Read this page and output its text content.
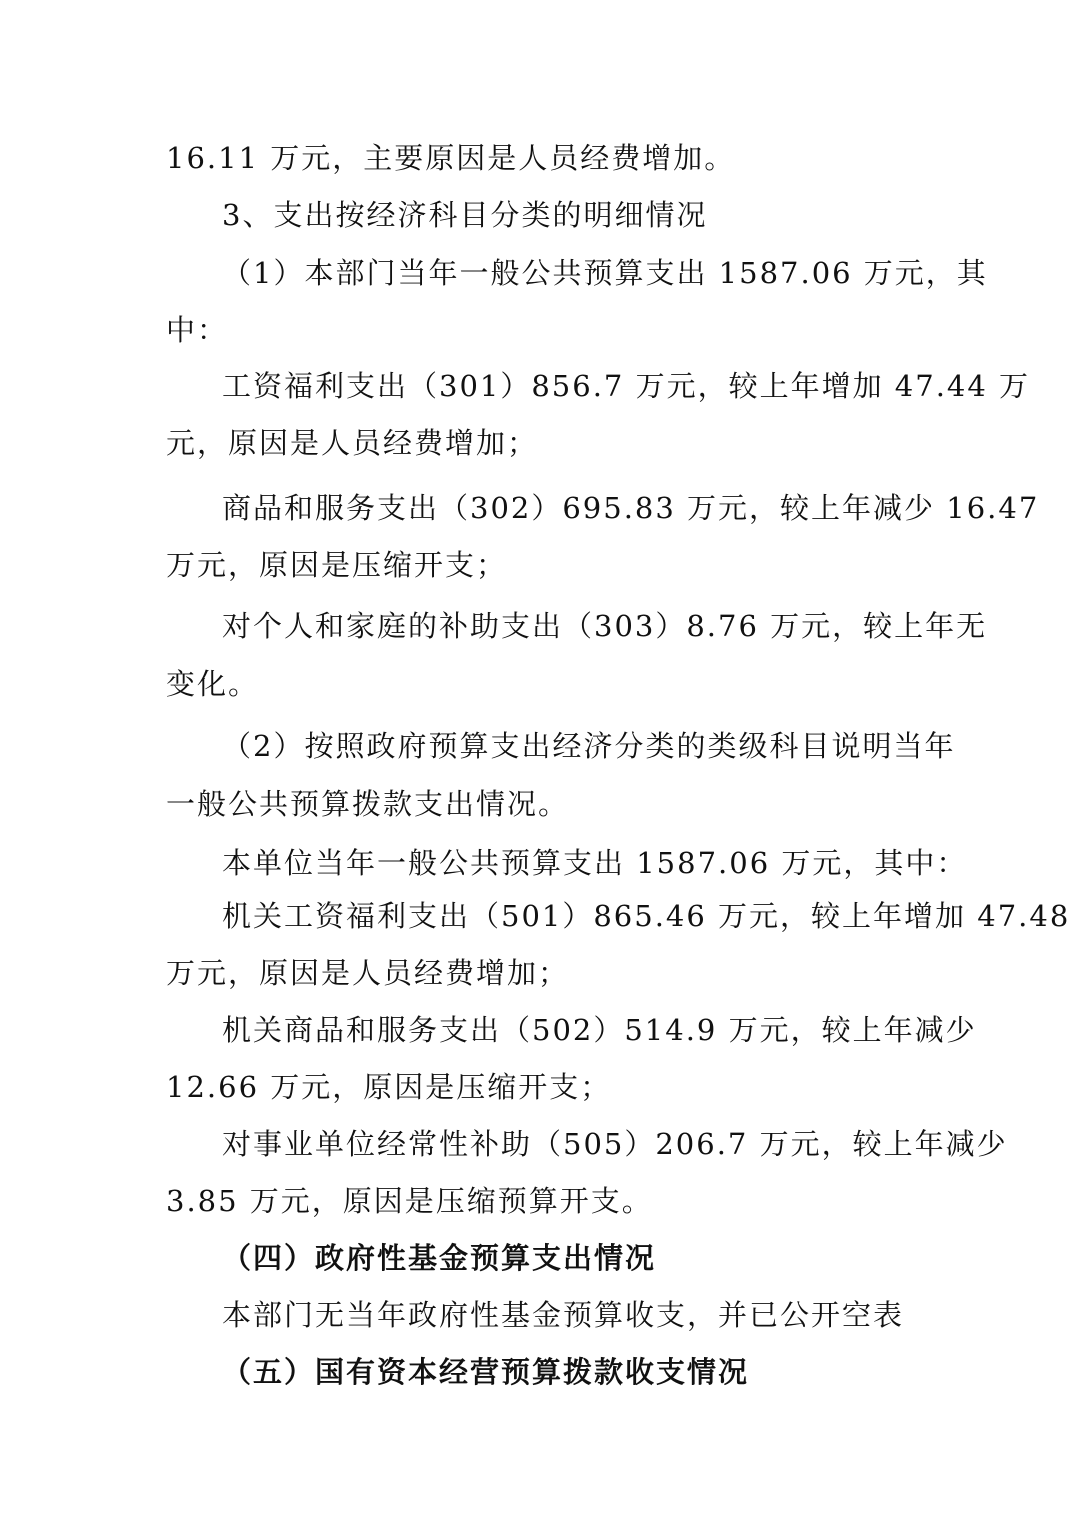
16.11 万元，主要原因是人员经费增加。
3、支出按经济科目分类的明细情况
（1）本部门当年一般公共预算支出 1587.06 万元，其
中：
工资福利支出（301）856.7 万元，较上年增加 47.44 万
元，原因是人员经费增加；
商品和服务支出（302）695.83 万元，较上年减少 16.47
万元，原因是压缩开支；
对个人和家庭的补助支出（303）8.76 万元，较上年无
变化。
（2）按照政府预算支出经济分类的类级科目说明当年
一般公共预算拨款支出情况。
本单位当年一般公共预算支出 1587.06 万元，其中：
机关工资福利支出（501）865.46 万元，较上年增加 47.48
万元，原因是人员经费增加；
机关商品和服务支出（502）514.9 万元，较上年减少
12.66 万元，原因是压缩开支；
对事业单位经常性补助（505）206.7 万元，较上年减少
3.85 万元，原因是压缩预算开支。
（四）政府性基金预算支出情况
本部门无当年政府性基金预算收支，并已公开空表
（五）国有资本经营预算拨款收支情况
